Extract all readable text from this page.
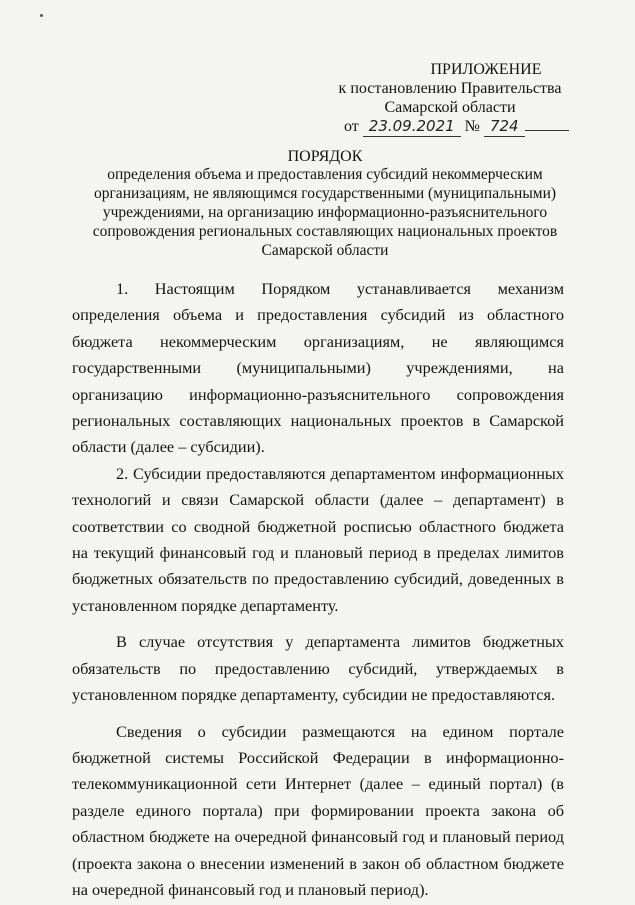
ПРИЛОЖЕНИЕ
к постановлению Правительства
Самарской области
от 23.09.2021 № 724
ПОРЯДОК
определения объема и предоставления субсидий некоммерческим организациям, не являющимся государственными (муниципальными) учреждениями, на организацию информационно-разъяснительного сопровождения региональных составляющих национальных проектов Самарской области

1. Настоящим Порядком устанавливается механизм определения объема и предоставления субсидий из областного бюджета некоммерческим организациям, не являющимся государственными (муниципальными) учреждениями, на организацию информационно-разъяснительного сопровождения региональных составляющих национальных проектов в Самарской области (далее – субсидии).

2. Субсидии предоставляются департаментом информационных технологий и связи Самарской области (далее – департамент) в соответствии со сводной бюджетной росписью областного бюджета на текущий финансовый год и плановый период в пределах лимитов бюджетных обязательств по предоставлению субсидий, доведенных в установленном порядке департаменту.

В случае отсутствия у департамента лимитов бюджетных обязательств по предоставлению субсидий, утверждаемых в установленном порядке департаменту, субсидии не предоставляются.

Сведения о субсидии размещаются на едином портале бюджетной системы Российской Федерации в информационно-телекоммуникационной сети Интернет (далее – единый портал) (в разделе единого портала) при формировании проекта закона об областном бюджете на очередной финансовый год и плановый период (проекта закона о внесении изменений в закон об областном бюджете на очередной финансовый год и плановый период).
